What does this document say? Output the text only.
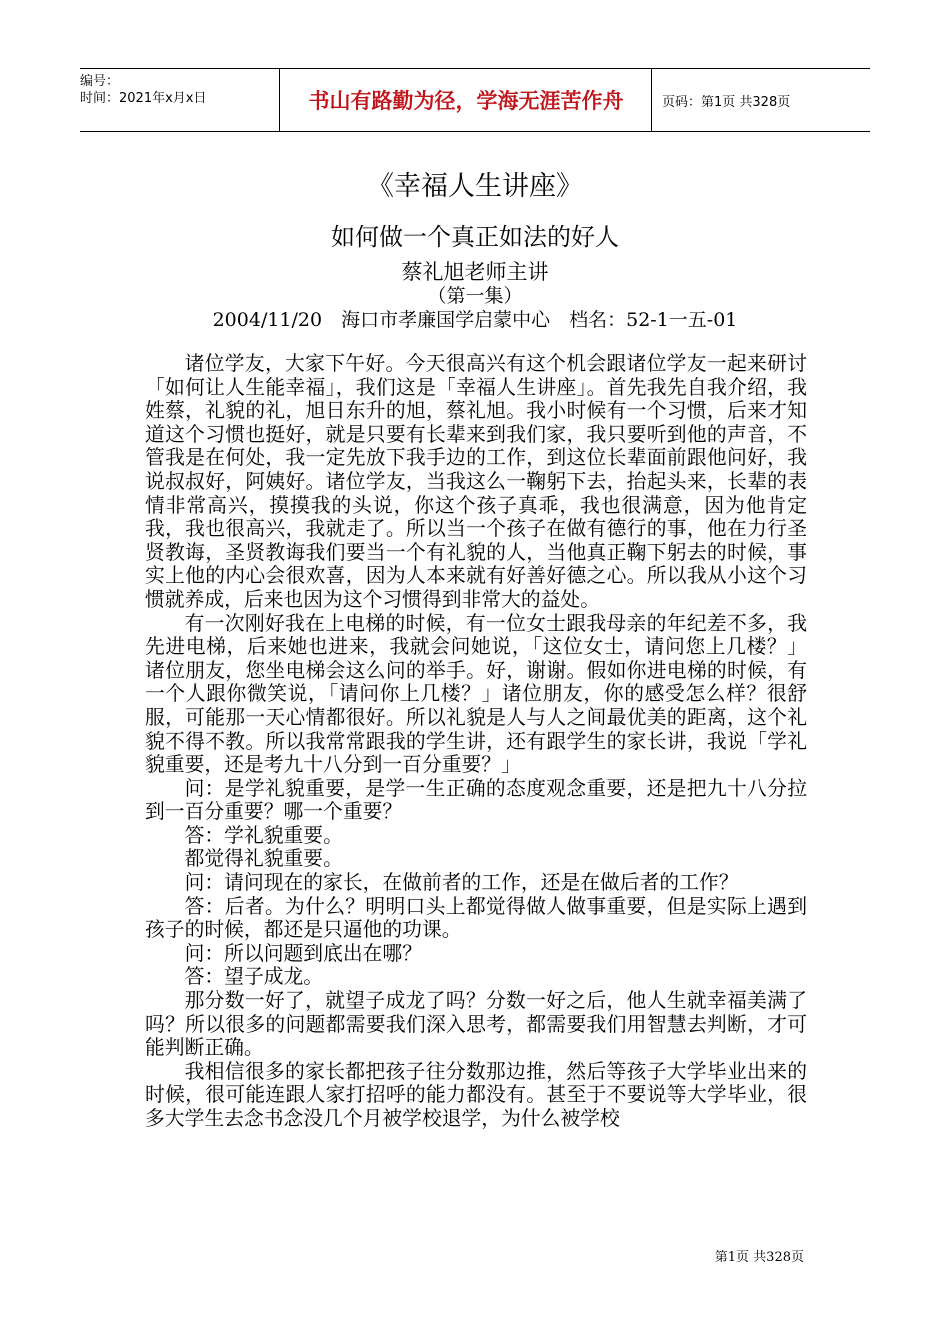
编号：
时间：2021年x月x日	书山有路勤为径，学海无涯苦作舟	页码：第1页 共328页
《幸福人生讲座》
如何做一个真正如法的好人
蔡礼旭老师主讲
（第一集）
2004/11/20　海口市孝廉国学启蒙中心　档名：52-1一五-01

诸位学友，大家下午好。今天很高兴有这个机会跟诸位学友一起来研讨「如何让人生能幸福」，我们这是「幸福人生讲座」。首先我先自我介绍，我姓蔡，礼貌的礼，旭日东升的旭，蔡礼旭。我小时候有一个习惯，后来才知道这个习惯也挺好，就是只要有长辈来到我们家，我只要听到他的声音，不管我是在何处，我一定先放下我手边的工作，到这位长辈面前跟他问好，我说叔叔好，阿姨好。诸位学友，当我这么一鞠躬下去，抬起头来，长辈的表情非常高兴，摸摸我的头说，你这个孩子真乖，我也很满意，因为他肯定我，我也很高兴，我就走了。所以当一个孩子在做有德行的事，他在力行圣贤教诲，圣贤教诲我们要当一个有礼貌的人，当他真正鞠下躬去的时候，事实上他的内心会很欢喜，因为人本来就有好善好德之心。所以我从小这个习惯就养成，后来也因为这个习惯得到非常大的益处。

有一次刚好我在上电梯的时候，有一位女士跟我母亲的年纪差不多，我先进电梯，后来她也进来，我就会问她说，「这位女士，请问您上几楼？」诸位朋友，您坐电梯会这么问的举手。好，谢谢。假如你进电梯的时候，有一个人跟你微笑说，「请问你上几楼？」诸位朋友，你的感受怎么样？很舒服，可能那一天心情都很好。所以礼貌是人与人之间最优美的距离，这个礼貌不得不教。所以我常常跟我的学生讲，还有跟学生的家长讲，我说「学礼貌重要，还是考九十八分到一百分重要？」

问：是学礼貌重要，是学一生正确的态度观念重要，还是把九十八分拉到一百分重要？哪一个重要？

答：学礼貌重要。

都觉得礼貌重要。

问：请问现在的家长，在做前者的工作，还是在做后者的工作？

答：后者。为什么？明明口头上都觉得做人做事重要，但是实际上遇到孩子的时候，都还是只逼他的功课。

问：所以问题到底出在哪？

答：望子成龙。

那分数一好了，就望子成龙了吗？分数一好之后，他人生就幸福美满了吗？所以很多的问题都需要我们深入思考，都需要我们用智慧去判断，才可能判断正确。

我相信很多的家长都把孩子往分数那边推，然后等孩子大学毕业出来的时候，很可能连跟人家打招呼的能力都没有。甚至于不要说等大学毕业，很多大学生去念书念没几个月被学校退学，为什么被学校

第1页 共328页
